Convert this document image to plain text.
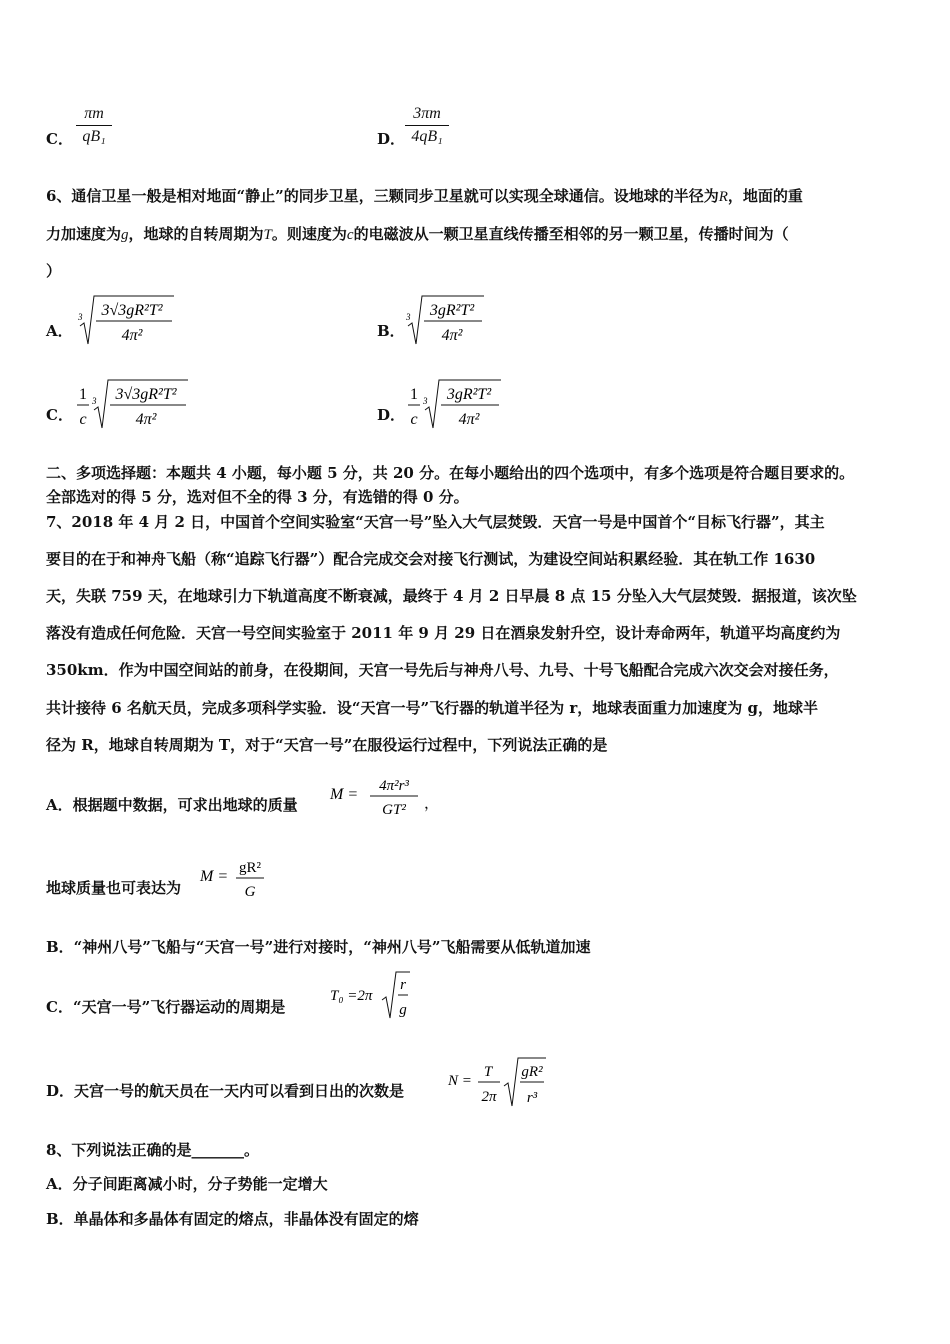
C．
πm
qB₁	D．
3πm
4qB₁
6、通信卫星一般是相对地面“静止”的同步卫星，三颗同步卫星就可以实现全球通信。设地球的半径为R，地面的重
力加速度为g，地球的自转周期为T。则速度为c的电磁波从一颗卫星直线传播至相邻的另一颗卫星，传播时间为（
）
A．
3 3√3gR²T²
4π²	B．
3 3gR²T²
4π²
C．
1
c
3 3√3gR²T²
4π²	D．
1
c
3 3gR²T²
4π²
二、多项选择题：本题共 4 小题，每小题 5 分，共 20 分。在每小题给出的四个选项中，有多个选项是符合题目要求的。
全部选对的得 5 分，选对但不全的得 3 分，有选错的得 0 分。
7、2018 年 4 月 2 日，中国首个空间实验室“天宫一号”坠入大气层焚毁．天宫一号是中国首个“目标飞行器”，其主
要目的在于和神舟飞船（称“追踪飞行器”）配合完成交会对接飞行测试，为建设空间站积累经验．其在轨工作 1630
天，失联 759 天，在地球引力下轨道高度不断衰减，最终于 4 月 2 日早晨 8 点 15 分坠入大气层焚毁．据报道，该次坠
落没有造成任何危险．天宫一号空间实验室于 2011 年 9 月 29 日在酒泉发射升空，设计寿命两年，轨道平均高度约为
350km．作为中国空间站的前身，在役期间，天宫一号先后与神舟八号、九号、十号飞船配合完成六次交会对接任务，
共计接待 6 名航天员，完成多项科学实验．设“天宫一号”飞行器的轨道半径为 r，地球表面重力加速度为 g，地球半
径为 R，地球自转周期为 T，对于“天宫一号”在服役运行过程中，下列说法正确的是
A．根据题中数据，可求出地球的质量
M = 4π²r³
GT² ，
地球质量也可表达为
M = gR²
G
B．“神州八号”飞船与“天宫一号”进行对接时，“神州八号”飞船需要从低轨道加速
C．“天宫一号”飞行器运动的周期是
T₀ =2π
r
g
D．天宫一号的航天员在一天内可以看到日出的次数是
N =
T
2π
gR²
r³
8、下列说法正确的是_______。
A．分子间距离减小时，分子势能一定增大
B．单晶体和多晶体有固定的熔点，非晶体没有固定的熔
